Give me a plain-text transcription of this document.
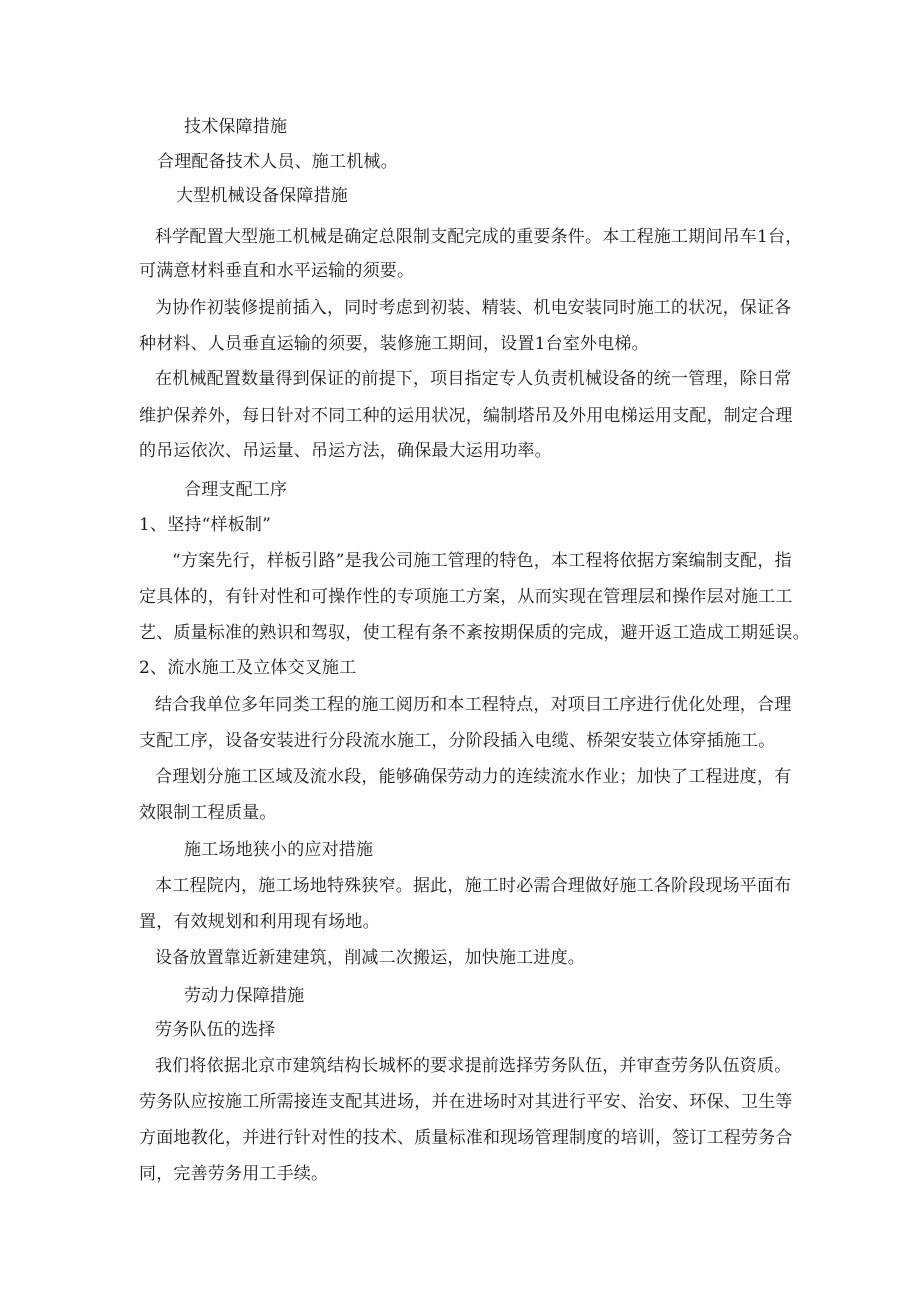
技术保障措施
合理配备技术人员、施工机械。
大型机械设备保障措施
科学配置大型施工机械是确定总限制支配完成的重要条件。本工程施工期间吊车1台，
可满意材料垂直和水平运输的须要。
为协作初装修提前插入，同时考虑到初装、精装、机电安装同时施工的状况，保证各
种材料、人员垂直运输的须要，装修施工期间，设置1台室外电梯。
在机械配置数量得到保证的前提下，项目指定专人负责机械设备的统一管理，除日常
维护保养外，每日针对不同工种的运用状况，编制塔吊及外用电梯运用支配，制定合理
的吊运依次、吊运量、吊运方法，确保最大运用功率。
合理支配工序
1、坚持“样板制”
“方案先行，样板引路”是我公司施工管理的特色，本工程将依据方案编制支配，指
定具体的，有针对性和可操作性的专项施工方案，从而实现在管理层和操作层对施工工
艺、质量标准的熟识和驾驭，使工程有条不紊按期保质的完成，避开返工造成工期延误。
2、流水施工及立体交叉施工
结合我单位多年同类工程的施工阅历和本工程特点，对项目工序进行优化处理，合理
支配工序，设备安装进行分段流水施工，分阶段插入电缆、桥架安装立体穿插施工。
合理划分施工区域及流水段，能够确保劳动力的连续流水作业；加快了工程进度，有
效限制工程质量。
施工场地狭小的应对措施
本工程院内，施工场地特殊狭窄。据此，施工时必需合理做好施工各阶段现场平面布
置，有效规划和利用现有场地。
设备放置靠近新建建筑，削减二次搬运，加快施工进度。
劳动力保障措施
劳务队伍的选择
我们将依据北京市建筑结构长城杯的要求提前选择劳务队伍，并审查劳务队伍资质。
劳务队应按施工所需接连支配其进场，并在进场时对其进行平安、治安、环保、卫生等
方面地教化，并进行针对性的技术、质量标准和现场管理制度的培训，签订工程劳务合
同，完善劳务用工手续。
